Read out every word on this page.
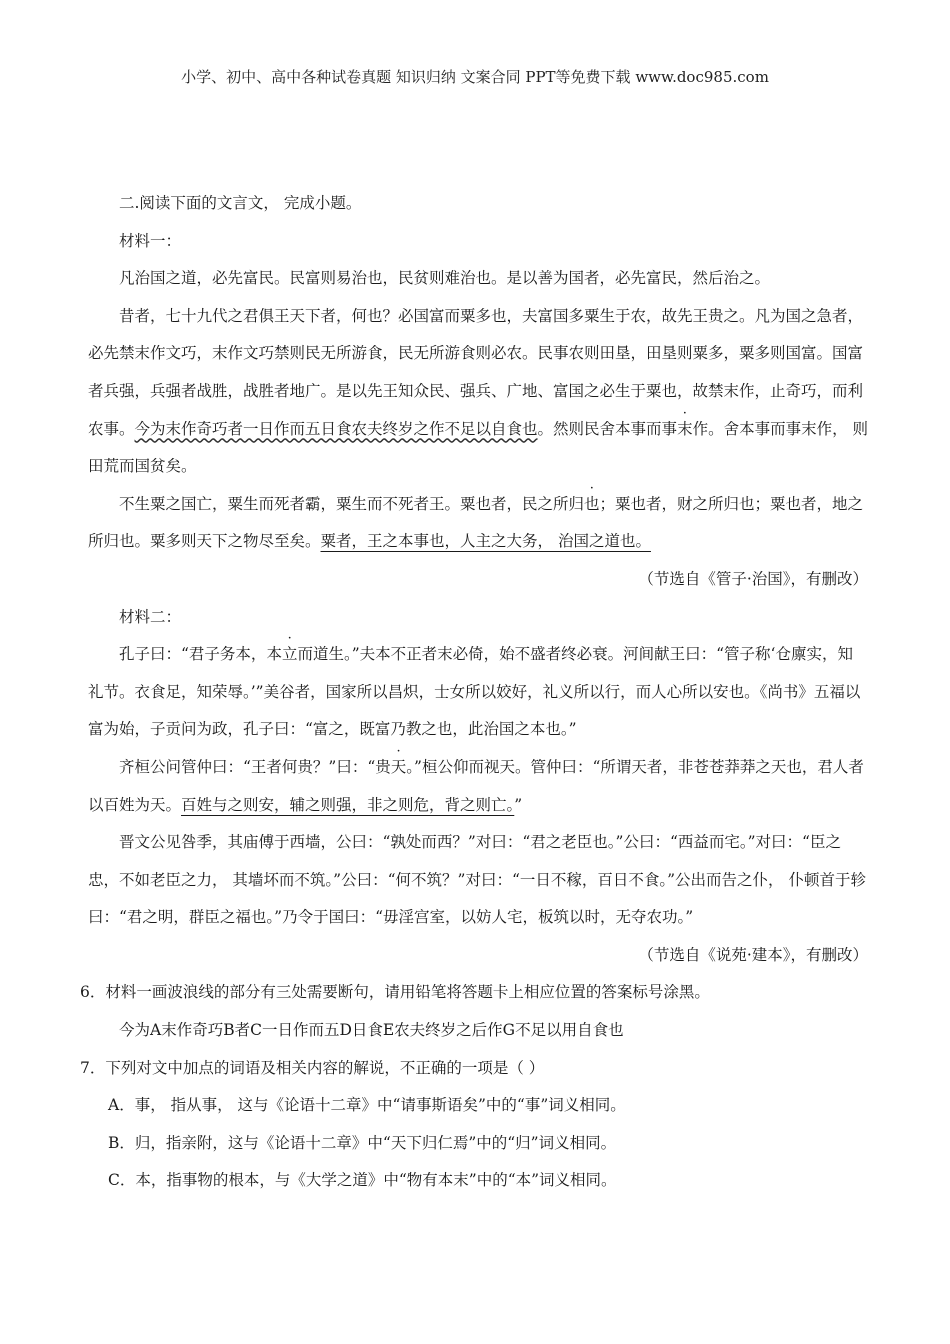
小学、初中、高中各种试卷真题 知识归纳 文案合同 PPT等免费下载 www.doc985.com

二.阅读下面的文言文， 完成小题。

材料一：

凡治国之道，必先富民。民富则易治也，民贫则难治也。是以善为国者，必先富民，然后治之。

昔者，七十九代之君俱王天下者，何也？必国富而粟多也，夫富国多粟生于农，故先王贵之。凡为国之急者，必先禁末作文巧，末作文巧禁则民无所游食，民无所游食则必农。民事农则田垦，田垦则粟多，粟多则国富。国富者兵强，兵强者战胜，战胜者地广。是以先王知众民、强兵、广地、富国之必生于粟也，故禁末作，止奇巧，而利农事。今为末作奇巧者一日作而五日食农夫终岁之作不足以自食也。然则民舍本事而事末作。舍本事而事末作， 则田荒而国贫矣。

不生粟之国亡，粟生而死者霸，粟生而不死者王。粟也者，民之所归也；粟也者，财之所归也；粟也者，地之所归也。粟多则天下之物尽至矣。粟者，王之本事也，人主之大务， 治国之道也。

（节选自《管子·治国》，有删改）

材料二：

孔子曰：“君子务本，本立而道生。”夫本不正者末必倚，始不盛者终必衰。河间献王曰：“管子称‘仓廪实，知礼节。衣食足，知荣辱。’”美谷者，国家所以昌炽，士女所以姣好，礼义所以行，而人心所以安也。《尚书》五福以富为始，子贡问为政，孔子曰：“富之，既富乃教之也，此治国之本也。”

齐桓公问管仲曰：“王者何贵？”曰：“贵天。”桓公仰而视天。管仲曰：“所谓天者，非苍苍莽莽之天也，君人者以百姓为天。百姓与之则安，辅之则强，非之则危，背之则亡。”

晋文公见咎季，其庙傅于西墙，公曰：“孰处而西？”对曰：“君之老臣也。”公曰：“西益而宅。”对曰：“臣之忠，不如老臣之力， 其墙坏而不筑。”公曰：“何不筑？”对曰：“一日不稼，百日不食。”公出而告之仆， 仆顿首于轸曰：“君之明，群臣之福也。”乃令于国曰：“毋淫宫室，以妨人宅，板筑以时，无夺农功。”

（节选自《说苑·建本》，有删改）

6．材料一画波浪线的部分有三处需要断句，请用铅笔将答题卡上相应位置的答案标号涂黑。

今为A末作奇巧B者C一日作而五D日食E农夫终岁之后作G不足以用自食也

7．下列对文中加点的词语及相关内容的解说，不正确的一项是（ ）

A．事， 指从事， 这与《论语十二章》中“请事斯语矣”中的“事”词义相同。

B．归，指亲附，这与《论语十二章》中“天下归仁焉”中的“归”词义相同。

C．本，指事物的根本，与《大学之道》中“物有本末”中的“本”词义相同。
